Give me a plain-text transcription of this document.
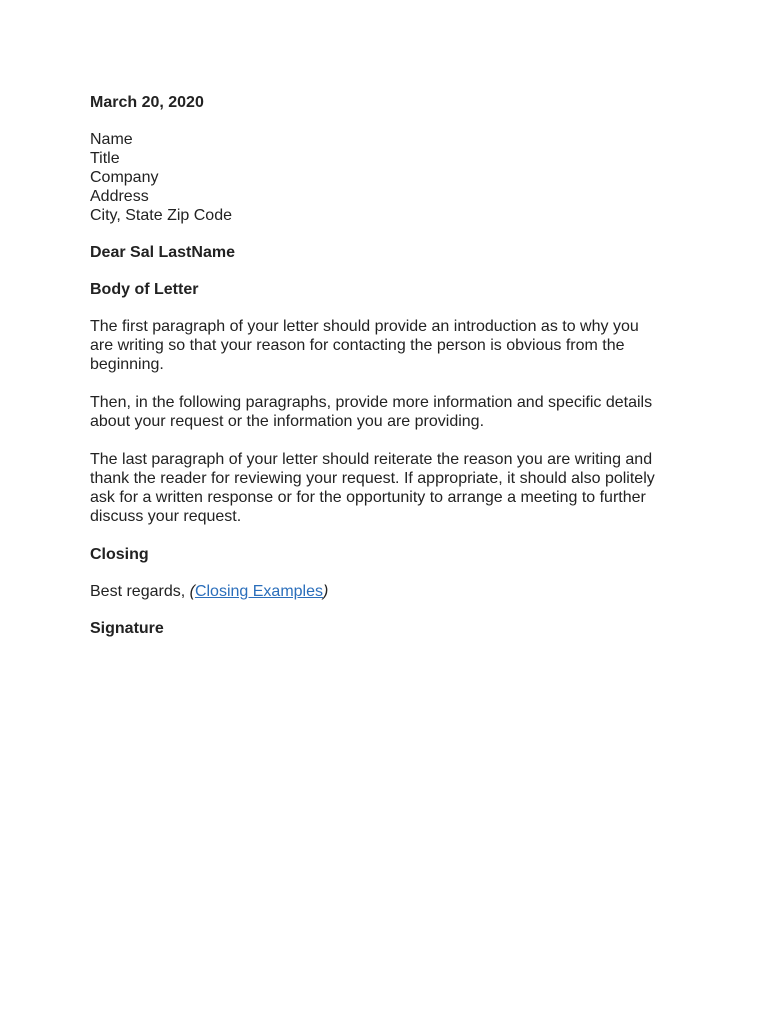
March 20, 2020
Name
Title
Company
Address
City, State Zip Code
Dear Sal LastName
Body of Letter
The first paragraph of your letter should provide an introduction as to why you
are writing so that your reason for contacting the person is obvious from the
beginning.
Then, in the following paragraphs, provide more information and specific details
about your request or the information you are providing.
The last paragraph of your letter should reiterate the reason you are writing and
thank the reader for reviewing your request. If appropriate, it should also politely
ask for a written response or for the opportunity to arrange a meeting to further
discuss your request.
Closing
Best regards, (Closing Examples)
Signature
